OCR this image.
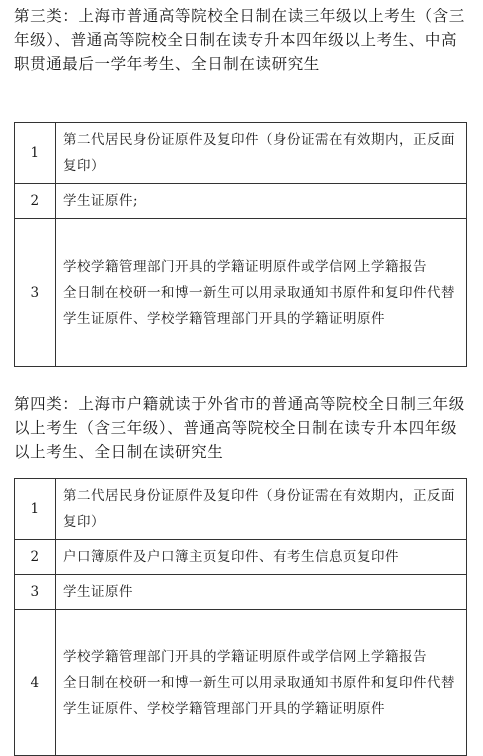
第三类：上海市普通高等院校全日制在读三年级以上考生（含三年级）、普通高等院校全日制在读专升本四年级以上考生、中高职贯通最后一学年考生、全日制在读研究生

1	第二代居民身份证原件及复印件（身份证需在有效期内，正反面复印）

2	学生证原件;

3	学校学籍管理部门开具的学籍证明原件或学信网上学籍报告
全日制在校研一和博一新生可以用录取通知书原件和复印件代替学生证原件、学校学籍管理部门开具的学籍证明原件

第四类：上海市户籍就读于外省市的普通高等院校全日制三年级以上考生（含三年级）、普通高等院校全日制在读专升本四年级以上考生、全日制在读研究生

1	第二代居民身份证原件及复印件（身份证需在有效期内，正反面复印）

2	户口簿原件及户口簿主页复印件、有考生信息页复印件

3	学生证原件

4	学校学籍管理部门开具的学籍证明原件或学信网上学籍报告
全日制在校研一和博一新生可以用录取通知书原件和复印件代替学生证原件、学校学籍管理部门开具的学籍证明原件
